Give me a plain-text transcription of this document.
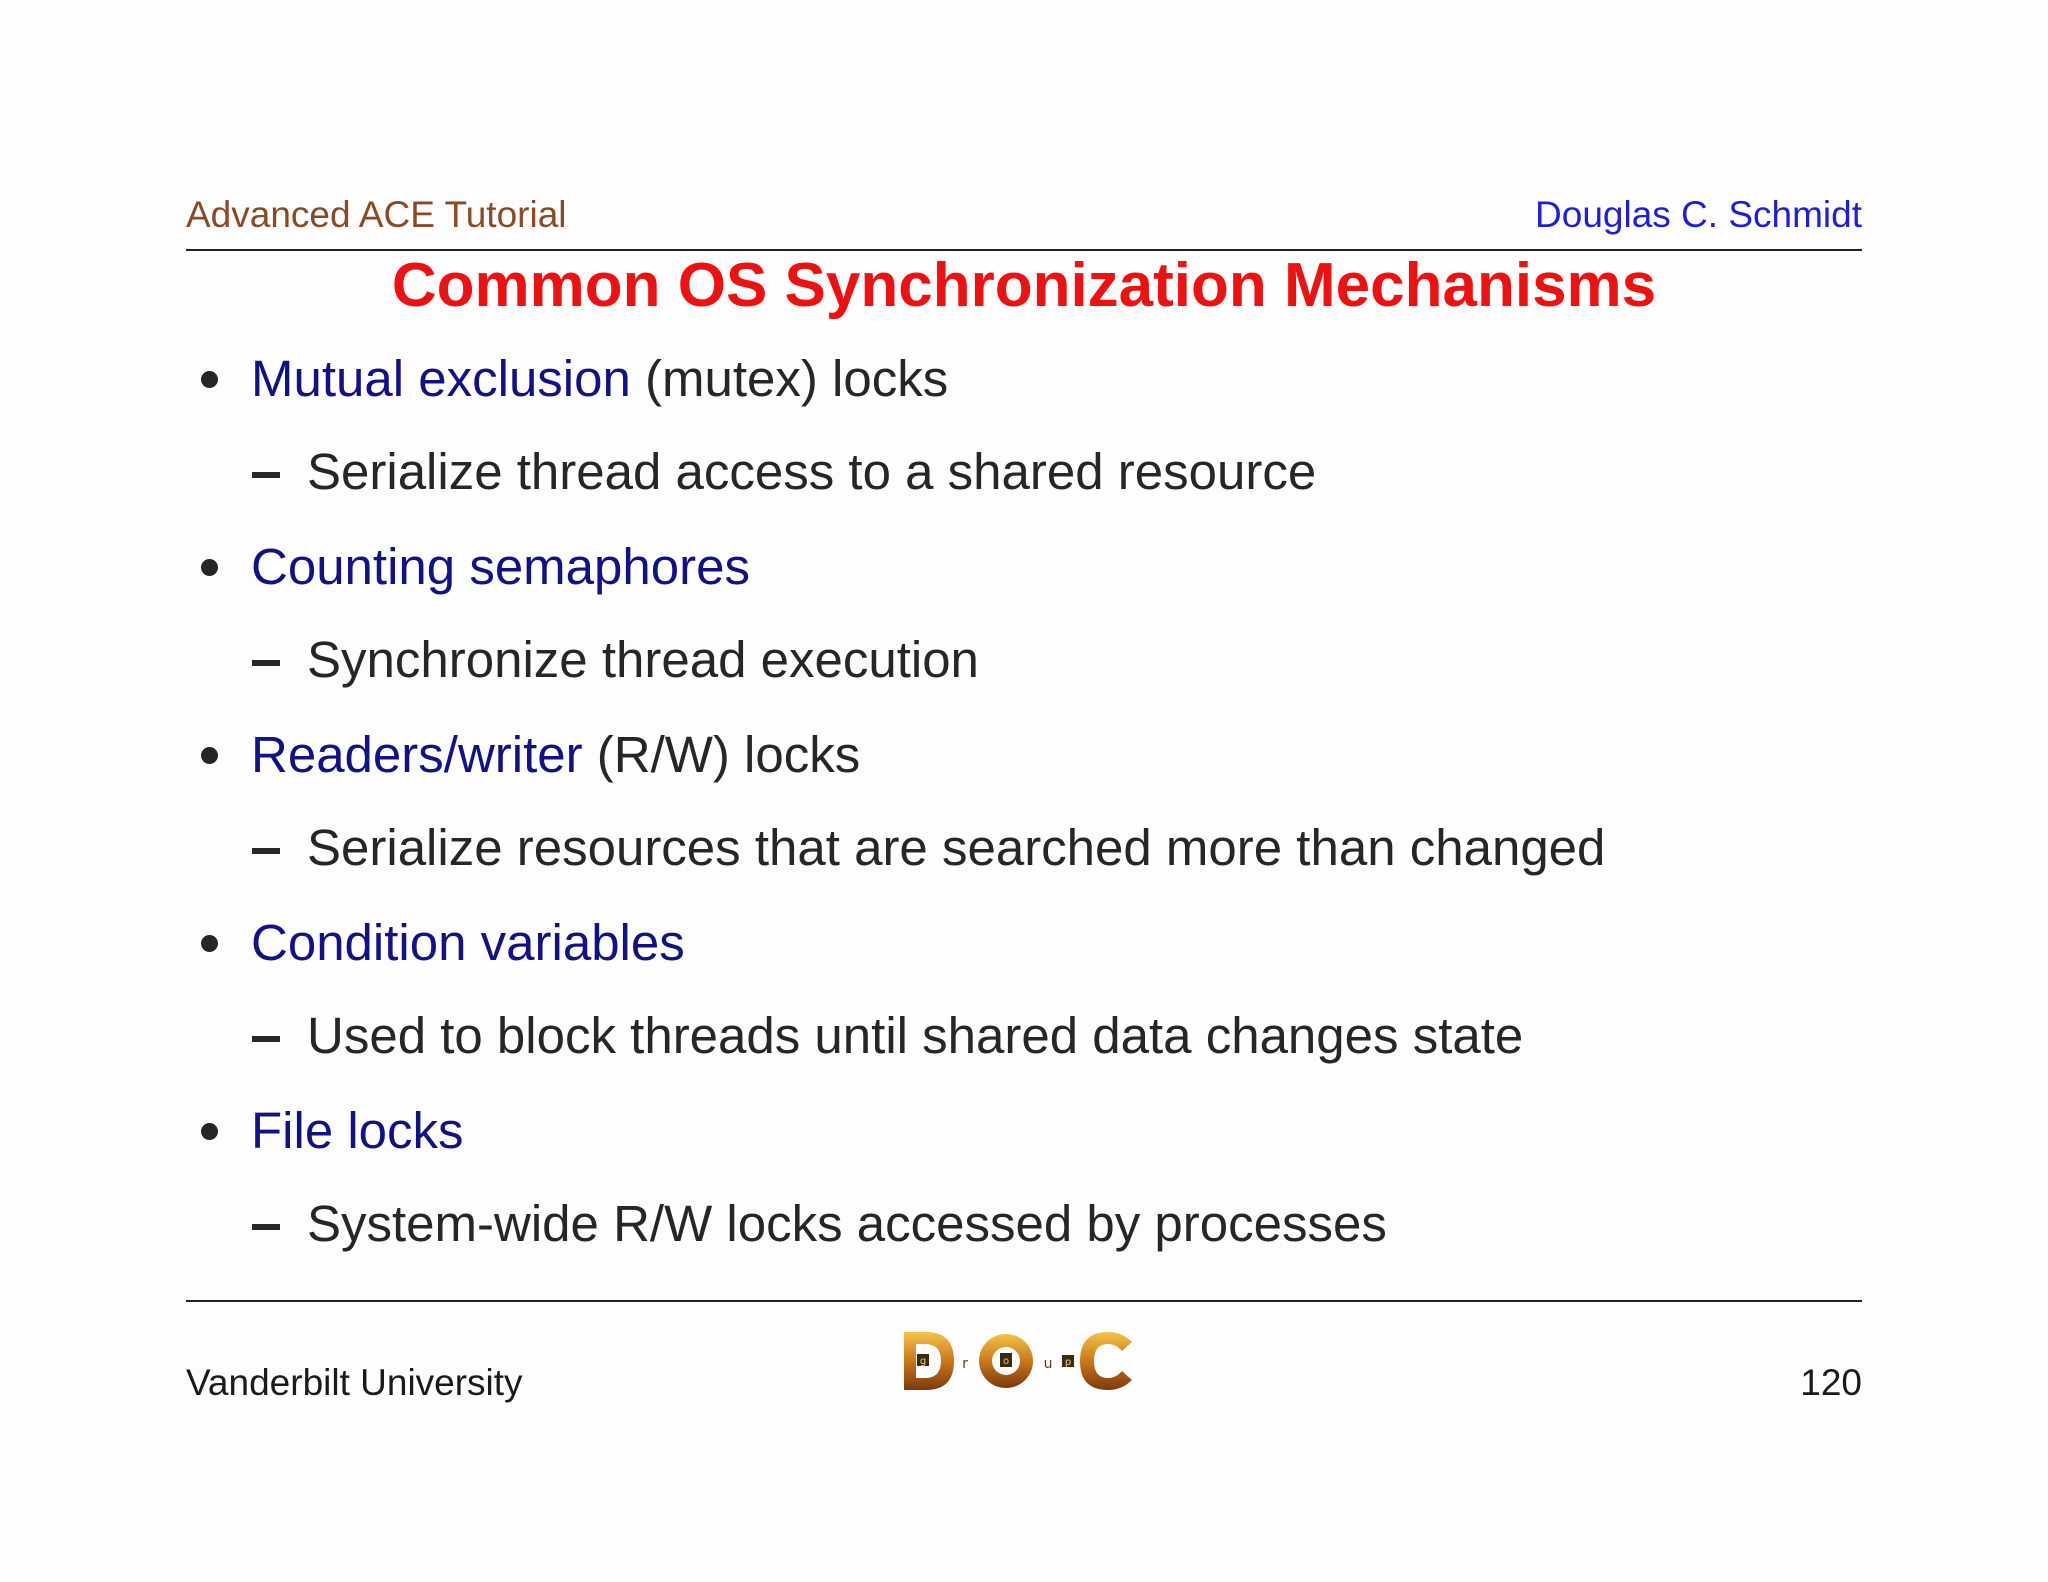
Advanced ACE Tutorial	Douglas C. Schmidt
Common OS Synchronization Mechanisms
Mutual exclusion (mutex) locks
Serialize thread access to a shared resource
Counting semaphores
Synchronize thread execution
Readers/writer (R/W) locks
Serialize resources that are searched more than changed
Condition variables
Used to block threads until shared data changes state
File locks
System-wide R/W locks accessed by processes
Vanderbilt University
g	r	o u p	120
